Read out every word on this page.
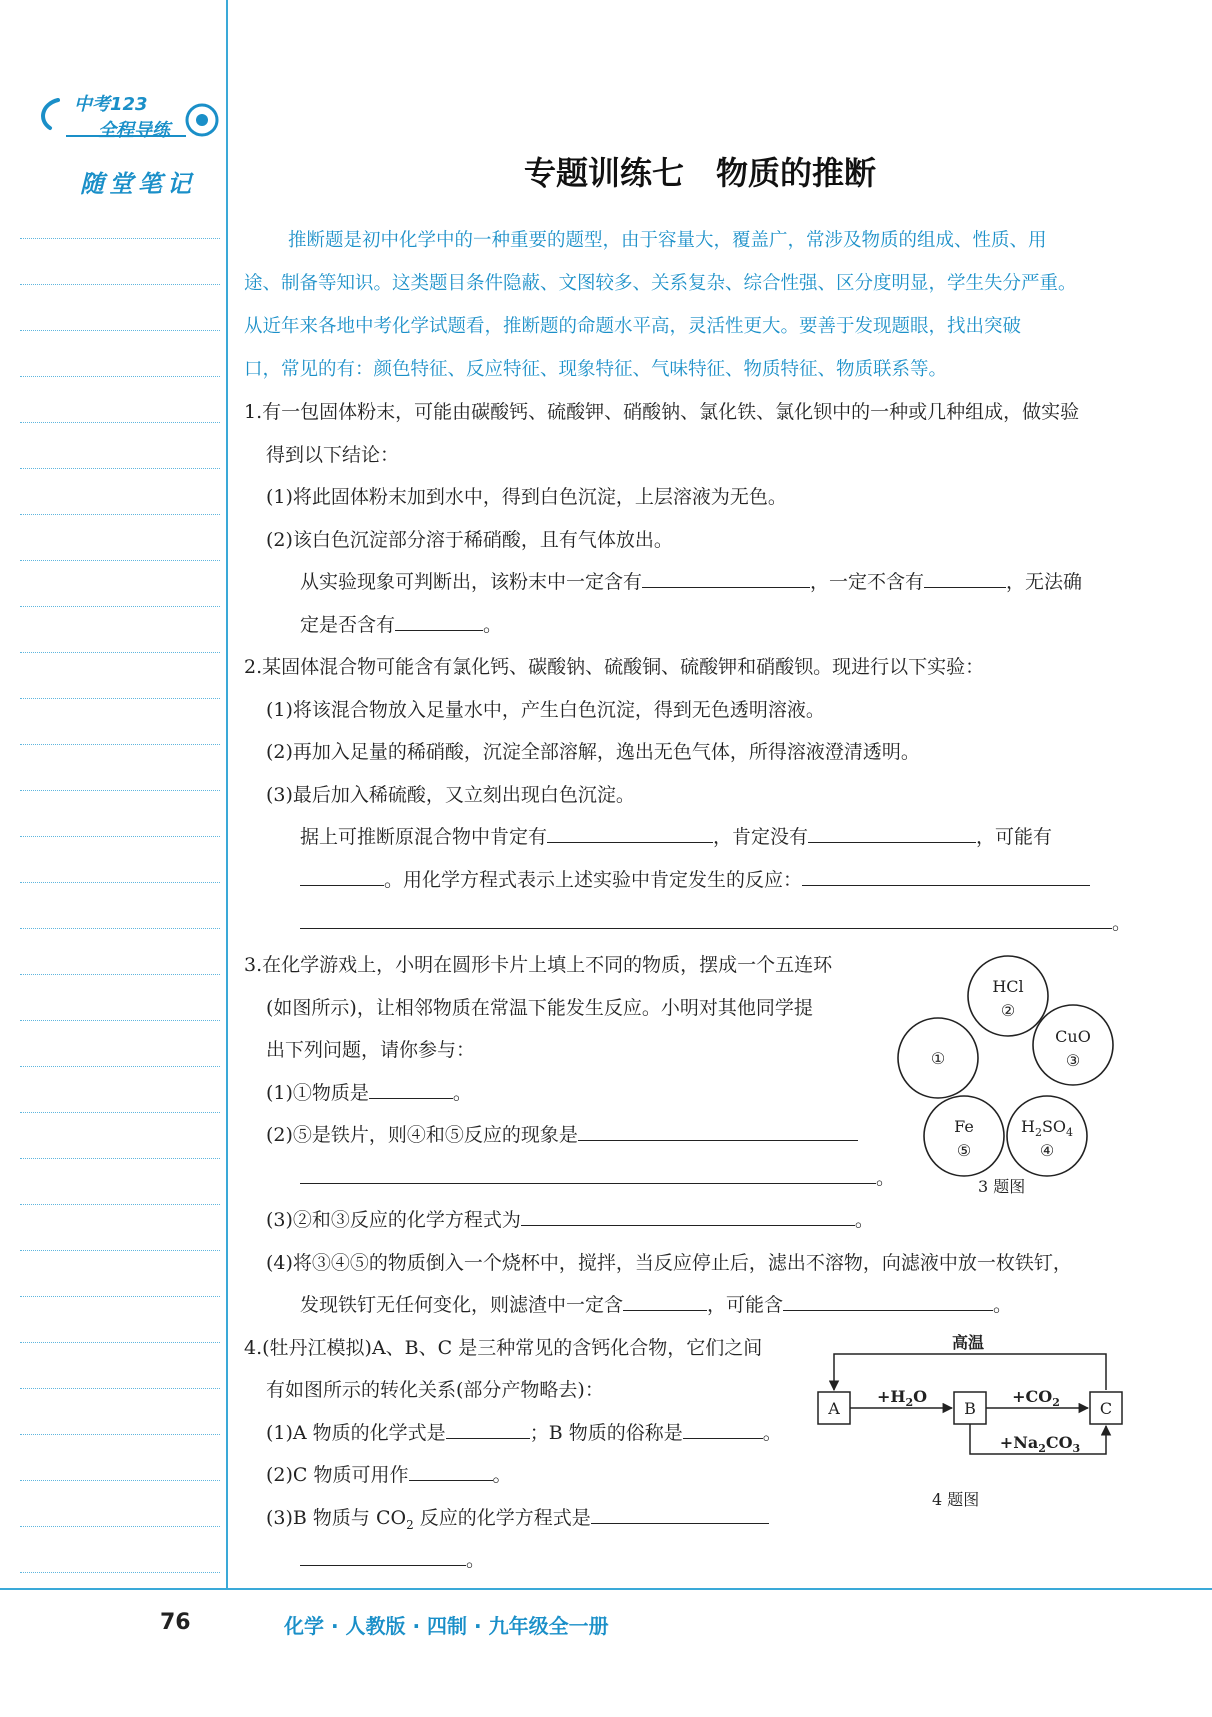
中考123
全程导练
随堂笔记	专题训练七　物质的推断
推断题是初中化学中的一种重要的题型，由于容量大，覆盖广，常涉及物质的组成、性质、用
途、制备等知识。这类题目条件隐蔽、文图较多、关系复杂、综合性强、区分度明显，学生失分严重。
从近年来各地中考化学试题看，推断题的命题水平高，灵活性更大。要善于发现题眼，找出突破
口，常见的有：颜色特征、反应特征、现象特征、气味特征、物质特征、物质联系等。
1.有一包固体粉末，可能由碳酸钙、硫酸钾、硝酸钠、氯化铁、氯化钡中的一种或几种组成，做实验
得到以下结论：
(1)将此固体粉末加到水中，得到白色沉淀，上层溶液为无色。
(2)该白色沉淀部分溶于稀硝酸，且有气体放出。
从实验现象可判断出，该粉末中一定含有	，一定不含有	，无法确
定是否含有	。
2.某固体混合物可能含有氯化钙、碳酸钠、硫酸铜、硫酸钾和硝酸钡。现进行以下实验：
(1)将该混合物放入足量水中，产生白色沉淀，得到无色透明溶液。
(2)再加入足量的稀硝酸，沉淀全部溶解，逸出无色气体，所得溶液澄清透明。
(3)最后加入稀硫酸，又立刻出现白色沉淀。
据上可推断原混合物中肯定有	，肯定没有	，可能有
。用化学方程式表示上述实验中肯定发生的反应：
。
3.在化学游戏上，小明在圆形卡片上填上不同的物质，摆成一个五连环
(如图所示)，让相邻物质在常温下能发生反应。小明对其他同学提
出下列问题，请你参与：
(1)①物质是	。
(2)⑤是铁片，则④和⑤反应的现象是
。
(3)②和③反应的化学方程式为	。
(4)将③④⑤的物质倒入一个烧杯中，搅拌，当反应停止后，滤出不溶物，向滤液中放一枚铁钉，
发现铁钉无任何变化，则滤渣中一定含	，可能含	。
HCl
②
CuO
③
①
Fe
⑤
$H_2SO_4$
④
3 题图
4.(牡丹江模拟)A、B、C 是三种常见的含钙化合物，它们之间
有如图所示的转化关系(部分产物略去)：
(1)A 物质的化学式是	；B 物质的俗称是	。
(2)C 物质可用作	。
(3)B 物质与 $CO_2$ 反应的化学方程式是
。
高温
A	B	C
$+H_2O$	$+CO_2$
$+Na_2CO_3$
4 题图
76	化学 · 人教版 · 四制 · 九年级全一册
